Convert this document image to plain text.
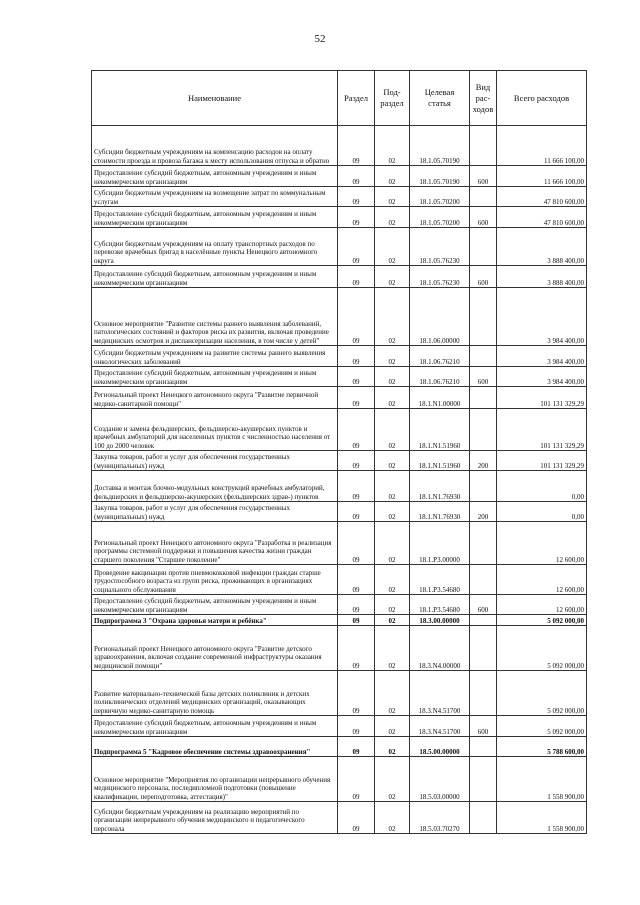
52
Наименование	Раздел	Под-
раздел	Целевая
статья	Вид
рас-
ходов	Всего расходов
Субсидии бюджетным учреждениям на компенсацию расходов на оплату стоимости проезда и провоза багажа к месту использования отпуска и обратно	09	02	18.1.05.70190		11 666 100,00
Предоставление субсидий бюджетным, автономным учреждениям и иным некоммерческим организациям	09	02	18.1.05.70190	600	11 666 100,00
Субсидии бюджетным учреждениям на возмещение затрат по коммунальным услугам	09	02	18.1.05.70200		47 810 600,00
Предоставление субсидий бюджетным, автономным учреждениям и иным некоммерческим организациям	09	02	18.1.05.70200	600	47 810 600,00
Субсидии бюджетным учреждениям на оплату транспортных расходов по перевозке врачебных бригад в населённые пункты Ненецкого автономного округа	09	02	18.1.05.76230		3 888 400,00
Предоставление субсидий бюджетным, автономным учреждениям и иным некоммерческим организациям	09	02	18.1.05.76230	600	3 888 400,00
Основное мероприятие "Развитие системы раннего выявления заболеваний, патологических состояний и факторов риска их развития, включая проведение медицинских осмотров и диспансеризации населения, в том числе у детей"	09	02	18.1.06.00000		3 984 400,00
Субсидии бюджетным учреждениям на развитие системы раннего выявления онкологических заболеваний	09	02	18.1.06.76210		3 984 400,00
Предоставление субсидий бюджетным, автономным учреждениям и иным некоммерческим организациям	09	02	18.1.06.76210	600	3 984 400,00
Региональный проект Ненецкого автономного округа "Развитие первичной медико-санитарной помощи"	09	02	18.1.N1.00000		101 131 329,29
Создание и замена фельдшерских, фельдшерско-акушерских пунктов и врачебных амбулаторий для населенных пунктов с численностью населения от 100 до 2000 человек	09	02	18.1.N1.51960		101 131 329,29
Закупка товаров, работ и услуг для обеспечения государственных (муниципальных) нужд	09	02	18.1.N1.51960	200	101 131 329,29
Доставка и монтаж блочно-модульных конструкций врачебных амбулаторий, фельдшерских и фельдшерско-акушерских (фельдшерских здрав-) пунктов	09	02	18.1.N1.76930		0,00
Закупка товаров, работ и услуг для обеспечения государственных (муниципальных) нужд	09	02	18.1.N1.76930	200	0,00
Региональный проект Ненецкого автономного округа "Разработка и реализация программы системной поддержки и повышения качества жизни граждан старшего поколения "Старшее поколение"	09	02	18.1.P3.00000		12 600,00
Проведение вакцинации против пневмококковой инфекции граждан старше трудоспособного возраста из групп риска, проживающих в организациях социального обслуживания	09	02	18.1.P3.54680		12 600,00
Предоставление субсидий бюджетным, автономным учреждениям и иным некоммерческим организациям	09	02	18.1.P3.54680	600	12 600,00
Подпрограмма 3 "Охрана здоровья матери и ребёнка"	09	02	18.3.00.00000		5 092 000,00
Региональный проект Ненецкого автономного округа "Развитие детского здравоохранения, включая создание современной инфраструктуры оказания медицинской помощи"	09	02	18.3.N4.00000		5 092 000,00
Развитие материально-технической базы детских поликлиник и детских поликлинических отделений медицинских организаций, оказывающих первичную медико-санитарную помощь	09	02	18.3.N4.51700		5 092 000,00
Предоставление субсидий бюджетным, автономным учреждениям и иным некоммерческим организациям	09	02	18.3.N4.51700	600	5 092 000,00
Подпрограмма 5 "Кадровое обеспечение системы здравоохранения"	09	02	18.5.00.00000		5 788 600,00
Основное мероприятие "Мероприятия по организации непрерывного обучения медицинского персонала, последипломной подготовки (повышение квалификации, переподготовка, аттестация)"	09	02	18.5.03.00000		1 558 900,00
Субсидии бюджетным учреждениям на реализацию мероприятий по организации непрерывного обучения медицинского и педагогического персонала	09	02	18.5.03.70270		1 558 900,00
